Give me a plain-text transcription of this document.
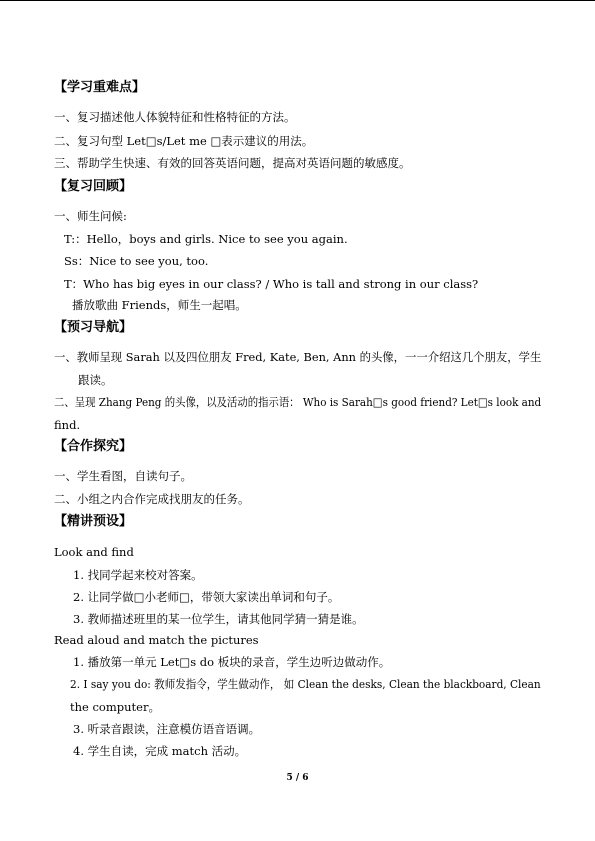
【学习重难点】
一、复习描述他人体貌特征和性格特征的方法。
二、复习句型 Let□s/Let me □表示建议的用法。
三、帮助学生快速、有效的回答英语问题，提高对英语问题的敏感度。
【复习回顾】
一、师生问候:
T:：Hello，boys and girls. Nice to see you again.
Ss：Nice to see you, too.
T：Who has big eyes in our class? / Who is tall and strong in our class?
播放歌曲 Friends，师生一起唱。
【预习导航】
一、教师呈现 Sarah 以及四位朋友 Fred, Kate, Ben, Ann 的头像，一一介绍这几个朋友，学生
跟读。
二、呈现 Zhang Peng 的头像，以及活动的指示语： Who is Sarah□s good friend? Let□s look and
find.
【合作探究】
一、学生看图，自读句子。
二、小组之内合作完成找朋友的任务。
【精讲预设】
Look and find
1. 找同学起来校对答案。
2. 让同学做□小老师□，带领大家读出单词和句子。
3. 教师描述班里的某一位学生，请其他同学猜一猜是谁。
Read aloud and match the pictures
1. 播放第一单元 Let□s do 板块的录音，学生边听边做动作。
2. I say you do: 教师发指令，学生做动作， 如 Clean the desks, Clean the blackboard, Clean
the computer。
3. 听录音跟读，注意模仿语音语调。
4. 学生自读，完成 match 活动。
5 / 6
